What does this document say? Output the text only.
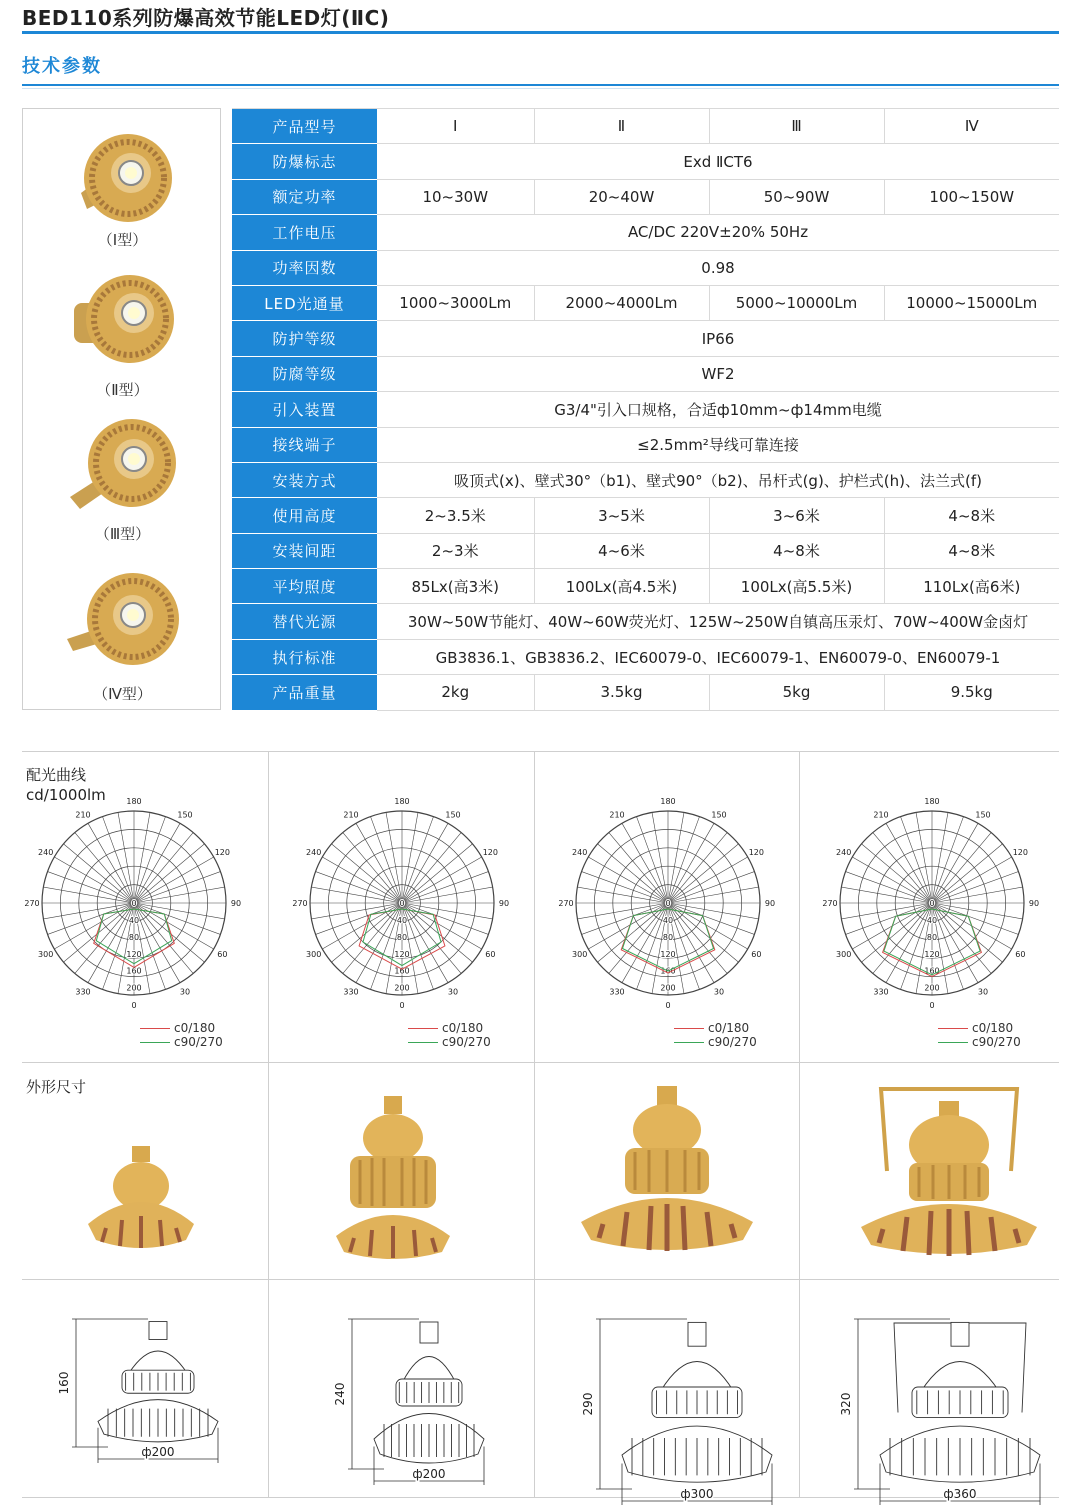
BED110系列防爆高效节能LED灯(ⅡC)
技术参数
（Ⅰ型）
（Ⅱ型）
（Ⅲ型）
（Ⅳ型）
产品型号	Ⅰ	Ⅱ	Ⅲ	Ⅳ
防爆标志	Exd ⅡCT6			
额定功率	10~30W	20~40W	50~90W	100~150W
工作电压	AC/DC 220V±20% 50Hz			
功率因数	0.98			
LED光通量	1000~3000Lm	2000~4000Lm	5000~10000Lm	10000~15000Lm
防护等级	IP66			
防腐等级	WF2			
引入装置	G3/4"引入口规格，合适ф10mm~ф14mm电缆			
接线端子	≤2.5mm²导线可靠连接			
安装方式	吸顶式(x)、壁式30°（b1)、壁式90°（b2)、吊杆式(g)、护栏式(h)、法兰式(f)			
使用高度	2~3.5米	3~5米	3~6米	4~8米
安装间距	2~3米	4~6米	4~8米	4~8米
平均照度	85Lx(高3米)	100Lx(高4.5米)	100Lx(高5.5米)	110Lx(高6米)
替代光源	30W~50W节能灯、40W~60W荧光灯、125W~250W自镇高压汞灯、70W~400W金卤灯			
执行标准	GB3836.1、GB3836.2、IEC60079-0、IEC60079-1、EN60079-0、EN60079-1			
产品重量	2kg	3.5kg	5kg	9.5kg
配光曲线
cd/1000lm
外形尺寸
180
210	150
240	120
270	90
300	60
330	30
0
0
40
80
120
160
200
180
210	150
240	120
270	90
300	60
330	30
0
0
40
80
120
160
200
180
210	150
240	120
270	90
300	60
330	30
0
0
40
80
120
160
200
180
210	150
240	120
270	90
300	60
330	30
0
0
40
80
120
160
200
c0/180
c90/270
c0/180
c90/270
c0/180
c90/270
c0/180
c90/270
160
ф200
240
ф200
290
ф300
320
ф360
